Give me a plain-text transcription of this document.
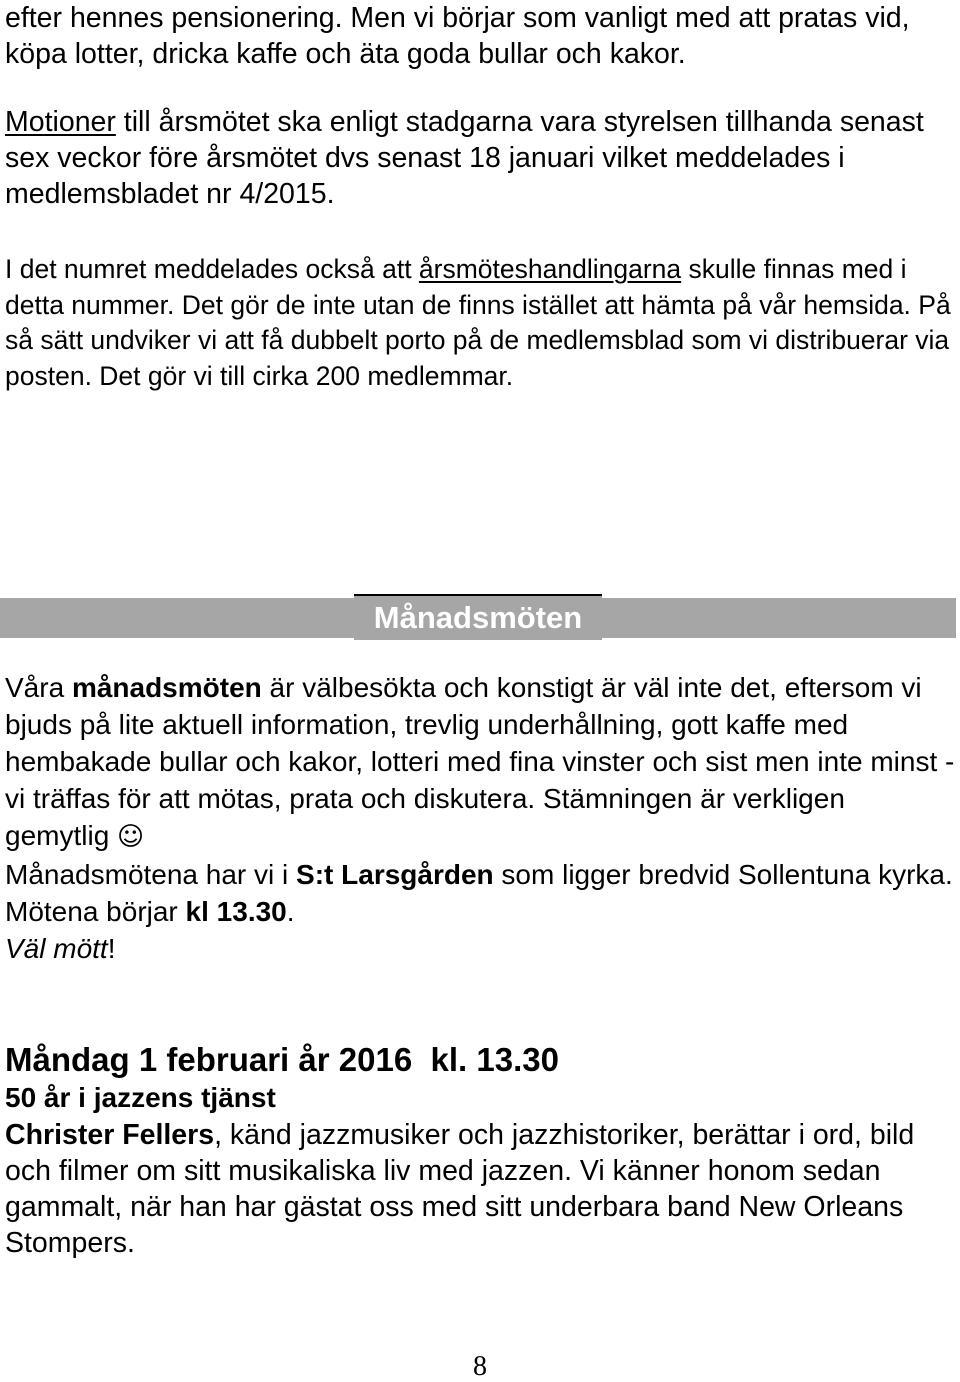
efter hennes pensionering. Men vi börjar som vanligt med att pratas vid, köpa lotter, dricka kaffe och äta goda bullar och kakor.

Motioner till årsmötet ska enligt stadgarna vara styrelsen tillhanda senast sex veckor före årsmötet dvs senast 18 januari vilket meddelades i medlemsbladet nr 4/2015.

I det numret meddelades också att årsmöteshandlingarna skulle finnas med i detta nummer. Det gör de inte utan de finns istället att hämta på vår hemsida. På så sätt undviker vi att få dubbelt porto på de medlemsblad som vi distribuerar via posten. Det gör vi till cirka 200 medlemmar.

Månadsmöten

Våra månadsmöten är välbesökta och konstigt är väl inte det, eftersom vi bjuds på lite aktuell information, trevlig underhållning, gott kaffe med hembakade bullar och kakor, lotteri med fina vinster och sist men inte minst - vi träffas för att mötas, prata och diskutera. Stämningen är verkligen gemytlig ☺
Månadsmötena har vi i S:t Larsgården som ligger bredvid Sollentuna kyrka. Mötena börjar kl 13.30.
Väl mött!

Måndag 1 februari år 2016  kl. 13.30

50 år i jazzens tjänst

Christer Fellers, känd jazzmusiker och jazzhistoriker, berättar i ord, bild och filmer om sitt musikaliska liv med jazzen. Vi känner honom sedan gammalt, när han har gästat oss med sitt underbara band New Orleans Stompers.

8
